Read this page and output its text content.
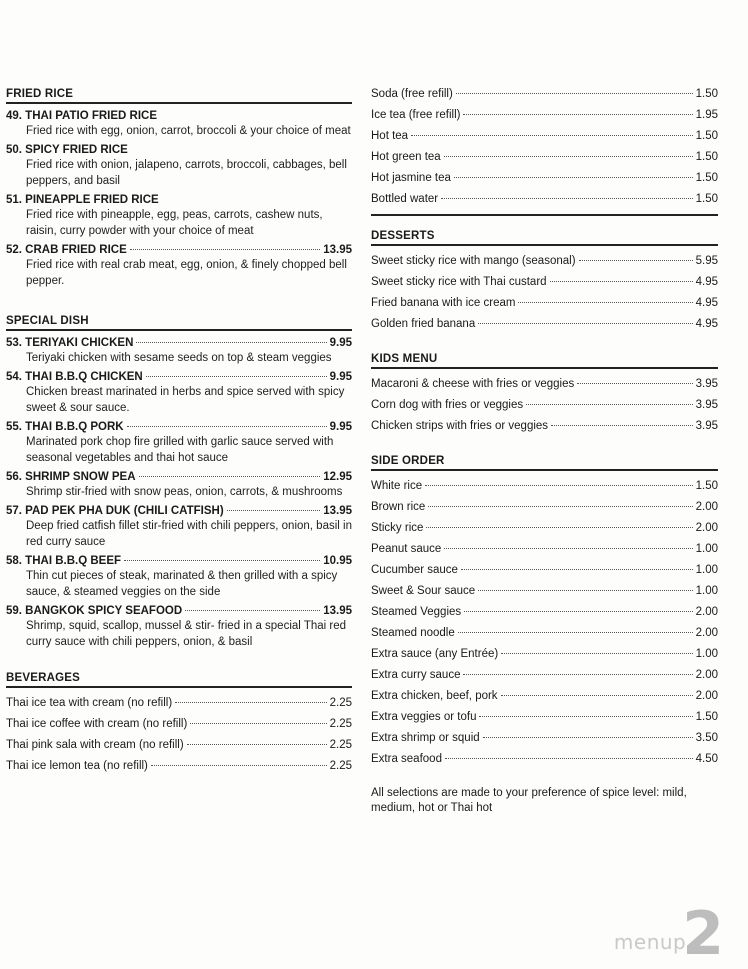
FRIED RICE
49. THAI PATIO FRIED RICE
Fried rice with egg, onion, carrot, broccoli & your choice of meat
50. SPICY FRIED RICE
Fried rice with onion, jalapeno, carrots, broccoli, cabbages, bell peppers, and basil
51. PINEAPPLE FRIED RICE
Fried rice with pineapple, egg, peas, carrots, cashew nuts, raisin, curry powder with your choice of meat
52. CRAB FRIED RICE	13.95
Fried rice with real crab meat, egg, onion, & finely chopped bell pepper.
SPECIAL DISH
53. TERIYAKI CHICKEN	9.95
Teriyaki chicken with sesame seeds on top & steam veggies
54. THAI B.B.Q CHICKEN	9.95
Chicken breast marinated in herbs and spice served with spicy sweet & sour sauce.
55. THAI B.B.Q PORK	9.95
Marinated pork chop fire grilled with garlic sauce served with seasonal vegetables and thai hot sauce
56. SHRIMP SNOW PEA	12.95
Shrimp stir-fried with snow peas, onion, carrots, & mushrooms
57. PAD PEK PHA DUK (CHILI CATFISH)	13.95
Deep fried catfish fillet stir-fried with chili peppers, onion, basil in red curry sauce
58. THAI B.B.Q BEEF	10.95
Thin cut pieces of steak, marinated & then grilled with a spicy sauce, & steamed veggies on the side
59. BANGKOK SPICY SEAFOOD	13.95
Shrimp, squid, scallop, mussel & stir- fried in a special Thai red curry sauce with chili peppers, onion, & basil
BEVERAGES
Thai ice tea with cream (no refill)	2.25
Thai ice coffee with cream (no refill)	2.25
Thai pink sala with cream (no refill)	2.25
Thai ice lemon tea (no refill)	2.25
Soda (free refill)	1.50
Ice tea (free refill)	1.95
Hot tea	1.50
Hot green tea	1.50
Hot jasmine tea	1.50
Bottled water	1.50
DESSERTS
Sweet sticky rice with mango (seasonal)	5.95
Sweet sticky rice with Thai custard	4.95
Fried banana with ice cream	4.95
Golden fried banana	4.95
KIDS MENU
Macaroni & cheese with fries or veggies	3.95
Corn dog with fries or veggies	3.95
Chicken strips with fries or veggies	3.95
SIDE ORDER
White rice	1.50
Brown rice	2.00
Sticky rice	2.00
Peanut sauce	1.00
Cucumber sauce	1.00
Sweet & Sour sauce	1.00
Steamed Veggies	2.00
Steamed noodle	2.00
Extra sauce (any Entrée)	1.00
Extra curry sauce	2.00
Extra chicken, beef, pork	2.00
Extra veggies or tofu	1.50
Extra shrimp or squid	3.50
Extra seafood	4.50
All selections are made to your preference of spice level: mild, medium, hot or Thai hot
menup
2
